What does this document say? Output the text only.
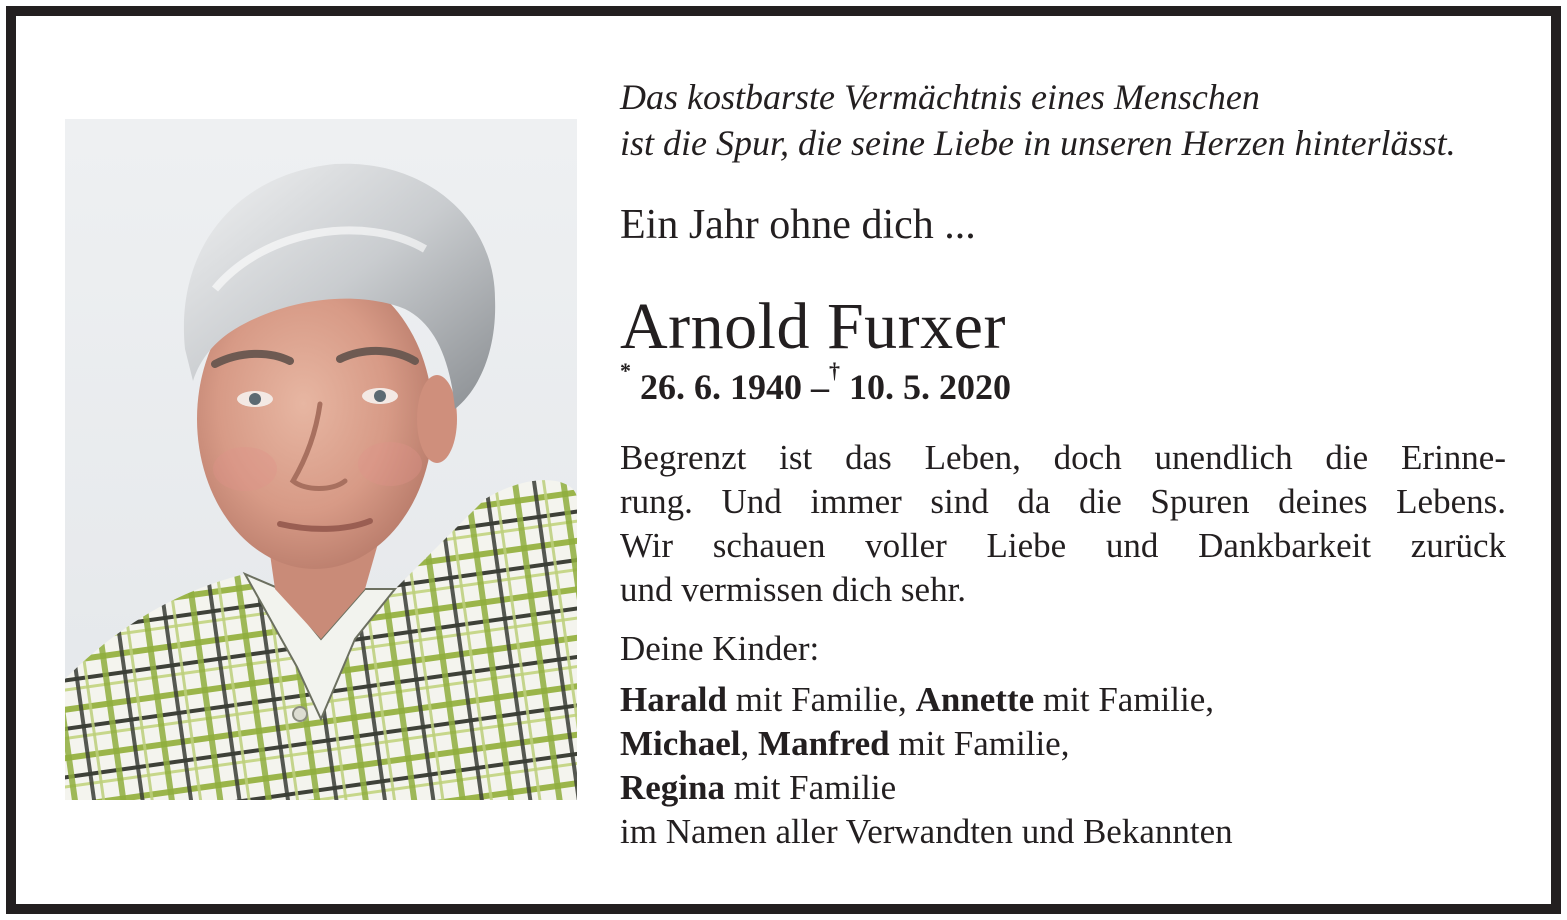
Das kostbarste Vermächtnis eines Menschen
ist die Spur, die seine Liebe in unseren Herzen hinterlässt.

Ein Jahr ohne dich ...

Arnold Furxer

* 26. 6. 1940 –† 10. 5. 2020

Begrenzt ist das Leben, doch unendlich die Erinne-
rung. Und immer sind da die Spuren deines Lebens.
Wir schauen voller Liebe und Dankbarkeit zurück
und vermissen dich sehr.

Deine Kinder:

Harald mit Familie, Annette mit Familie,
Michael, Manfred mit Familie,
Regina mit Familie
im Namen aller Verwandten und Bekannten
